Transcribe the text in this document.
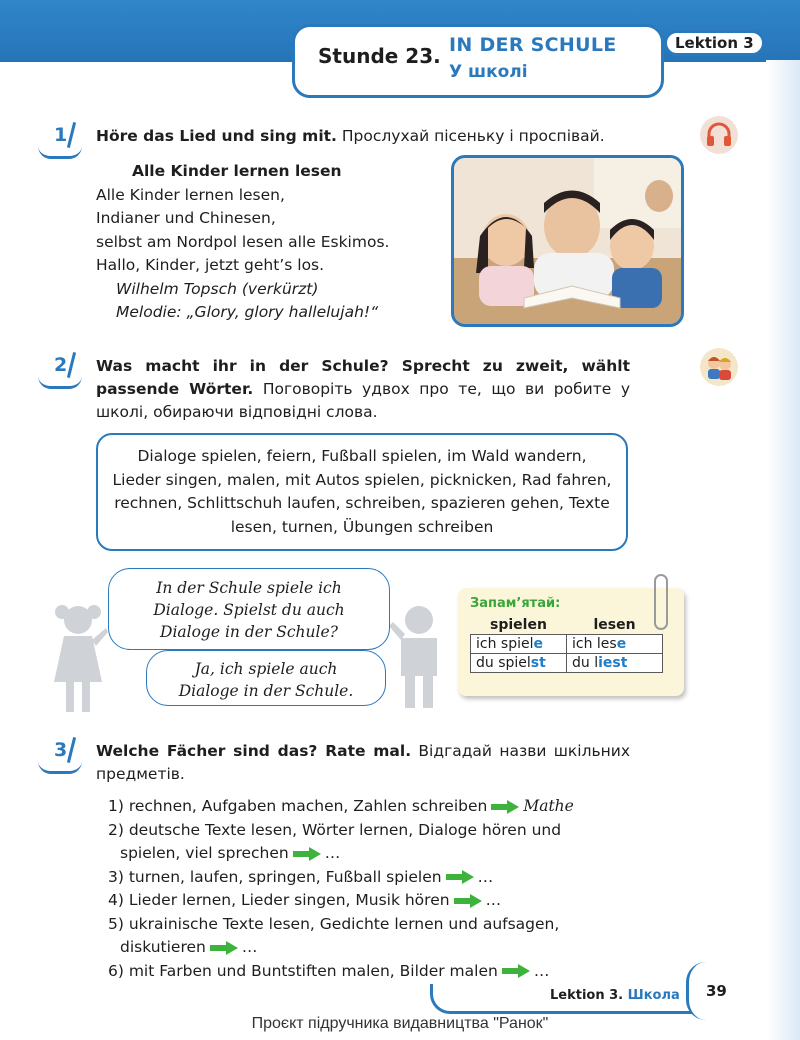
Stunde 23. IN DER SCHULE
У школі
Lektion 3
1 Höre das Lied und sing mit. Прослухай пісеньку і проспівай.
Alle Kinder lernen lesen
Alle Kinder lernen lesen,
Indianer und Chinesen,
selbst am Nordpol lesen alle Eskimos.
Hallo, Kinder, jetzt geht’s los.
Wilhelm Topsch (verkürzt)
Melodie: „Glory, glory hallelujah!“
2 Was macht ihr in der Schule? Sprecht zu zweit, wählt passende Wörter. Поговоріть удвох про те, що ви робите у школі, обираючи відповідні слова.
Dialoge spielen, feiern, Fußball spielen, im Wald wandern, Lieder singen, malen, mit Autos spielen, picknicken, Rad fahren, rechnen, Schlittschuh laufen, schreiben, spazieren gehen, Texte lesen, turnen, Übungen schreiben
In der Schule spiele ich Dialoge. Spielst du auch Dialoge in der Schule?
Ja, ich spiele auch Dialoge in der Schule.
Запам’ятай:
spielen	lesen
ich spiele	ich lese
du spielst	du liest
3 Welche Fächer sind das? Rate mal. Відгадай назви шкільних предметів.
1) rechnen, Aufgaben machen, Zahlen schreiben Mathe
2) deutsche Texte lesen, Wörter lernen, Dialoge hören und
spielen, viel sprechen …
3) turnen, laufen, springen, Fußball spielen …
4) Lieder lernen, Lieder singen, Musik hören …
5) ukrainische Texte lesen, Gedichte lernen und aufsagen,
diskutieren …
6) mit Farben und Buntstiften malen, Bilder malen …
Lektion 3. Школа 39
Проєкт підручника видавництва "Ранок"
